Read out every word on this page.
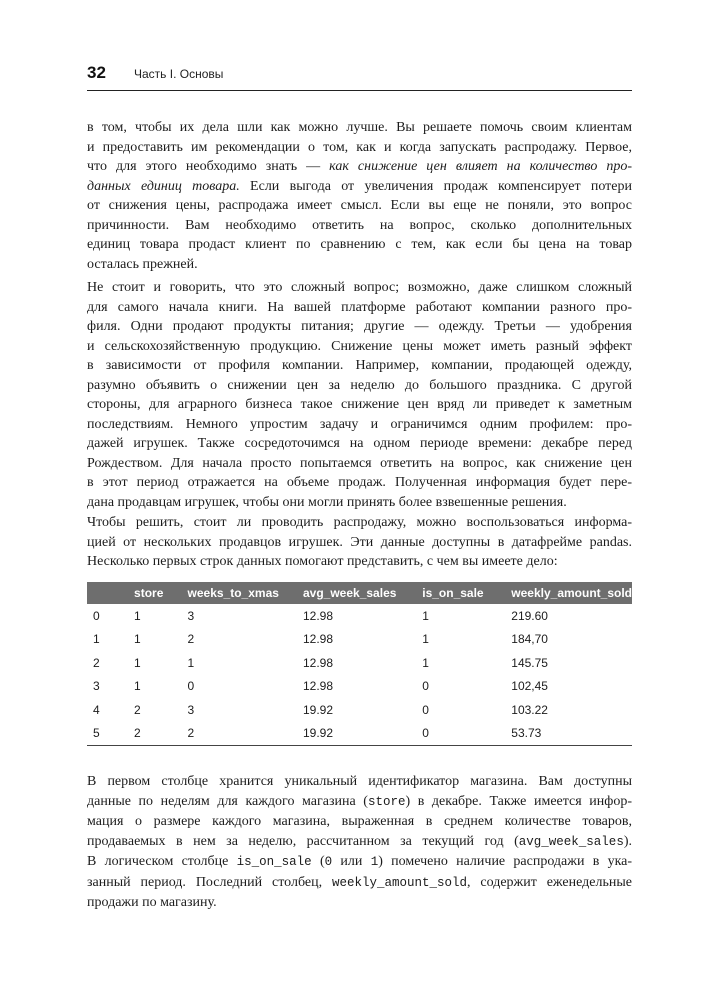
32 Часть I. Основы
в том, чтобы их дела шли как можно лучше. Вы решаете помочь своим клиентам
и предоставить им рекомендации о том, как и когда запускать распродажу. Первое,
что для этого необходимо знать — как снижение цен влияет на количество про-
данных единиц товара. Если выгода от увеличения продаж компенсирует потери
от снижения цены, распродажа имеет смысл. Если вы еще не поняли, это вопрос
причинности. Вам необходимо ответить на вопрос, сколько дополнительных
единиц товара продаст клиент по сравнению с тем, как если бы цена на товар
осталась прежней.
Не стоит и говорить, что это сложный вопрос; возможно, даже слишком сложный
для самого начала книги. На вашей платформе работают компании разного про-
филя. Одни продают продукты питания; другие — одежду. Третьи — удобрения
и сельскохозяйственную продукцию. Снижение цены может иметь разный эффект
в зависимости от профиля компании. Например, компании, продающей одежду,
разумно объявить о снижении цен за неделю до большого праздника. С другой
стороны, для аграрного бизнеса такое снижение цен вряд ли приведет к заметным
последствиям. Немного упростим задачу и ограничимся одним профилем: про-
дажей игрушек. Также сосредоточимся на одном периоде времени: декабре перед
Рождеством. Для начала просто попытаемся ответить на вопрос, как снижение цен
в этот период отражается на объеме продаж. Полученная информация будет пере-
дана продавцам игрушек, чтобы они могли принять более взвешенные решения.
Чтобы решить, стоит ли проводить распродажу, можно воспользоваться информа-
цией от нескольких продавцов игрушек. Эти данные доступны в датафрейме pandas.
Несколько первых строк данных помогают представить, с чем вы имеете дело:
	store	weeks_to_xmas	avg_week_sales	is_on_sale	weekly_amount_sold
0	1	3	12.98	1	219.60
1	1	2	12.98	1	184,70
2	1	1	12.98	1	145.75
3	1	0	12.98	0	102,45
4	2	3	19.92	0	103.22
5	2	2	19.92	0	53.73
В первом столбце хранится уникальный идентификатор магазина. Вам доступны
данные по неделям для каждого магазина (store) в декабре. Также имеется инфор-
мация о размере каждого магазина, выраженная в среднем количестве товаров,
продаваемых в нем за неделю, рассчитанном за текущий год (avg_week_sales).
В логическом столбце is_on_sale (0 или 1) помечено наличие распродажи в ука-
занный период. Последний столбец, weekly_amount_sold, содержит еженедельные
продажи по магазину.
